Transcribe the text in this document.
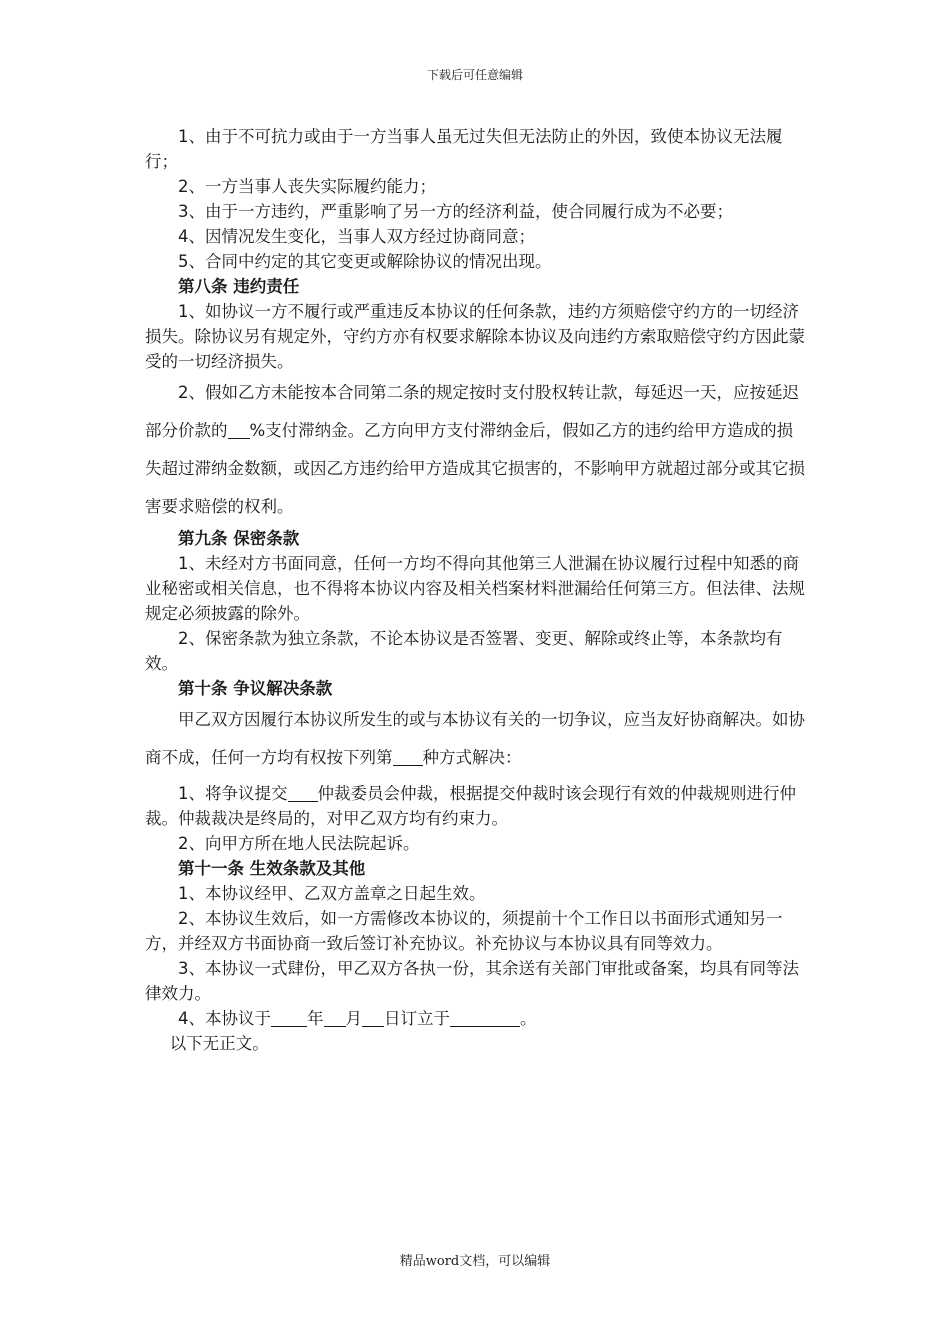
下载后可任意编辑

1、由于不可抗力或由于一方当事人虽无过失但无法防止的外因，致使本协议无法履行；

2、一方当事人丧失实际履约能力；

3、由于一方违约，严重影响了另一方的经济利益，使合同履行成为不必要；

4、因情况发生变化，当事人双方经过协商同意；

5、合同中约定的其它变更或解除协议的情况出现。

第八条 违约责任

1、如协议一方不履行或严重违反本协议的任何条款，违约方须赔偿守约方的一切经济损失。除协议另有规定外，守约方亦有权要求解除本协议及向违约方索取赔偿守约方因此蒙受的一切经济损失。

2、假如乙方未能按本合同第二条的规定按时支付股权转让款，每延迟一天，应按延迟部分价款的 %支付滞纳金。乙方向甲方支付滞纳金后，假如乙方的违约给甲方造成的损失超过滞纳金数额，或因乙方违约给甲方造成其它损害的，不影响甲方就超过部分或其它损害要求赔偿的权利。

第九条 保密条款

1、未经对方书面同意，任何一方均不得向其他第三人泄漏在协议履行过程中知悉的商业秘密或相关信息，也不得将本协议内容及相关档案材料泄漏给任何第三方。但法律、法规规定必须披露的除外。

2、保密条款为独立条款，不论本协议是否签署、变更、解除或终止等，本条款均有效。

第十条 争议解决条款

甲乙双方因履行本协议所发生的或与本协议有关的一切争议，应当友好协商解决。如协商不成，任何一方均有权按下列第 种方式解决：

1、将争议提交 仲裁委员会仲裁，根据提交仲裁时该会现行有效的仲裁规则进行仲裁。仲裁裁决是终局的，对甲乙双方均有约束力。

2、向甲方所在地人民法院起诉。

第十一条 生效条款及其他

1、本协议经甲、乙双方盖章之日起生效。

2、本协议生效后，如一方需修改本协议的，须提前十个工作日以书面形式通知另一方，并经双方书面协商一致后签订补充协议。补充协议与本协议具有同等效力。

3、本协议一式肆份，甲乙双方各执一份，其余送有关部门审批或备案，均具有同等法律效力。

4、本协议于 年 月 日订立于	。

以下无正文。

精品word文档，可以编辑
